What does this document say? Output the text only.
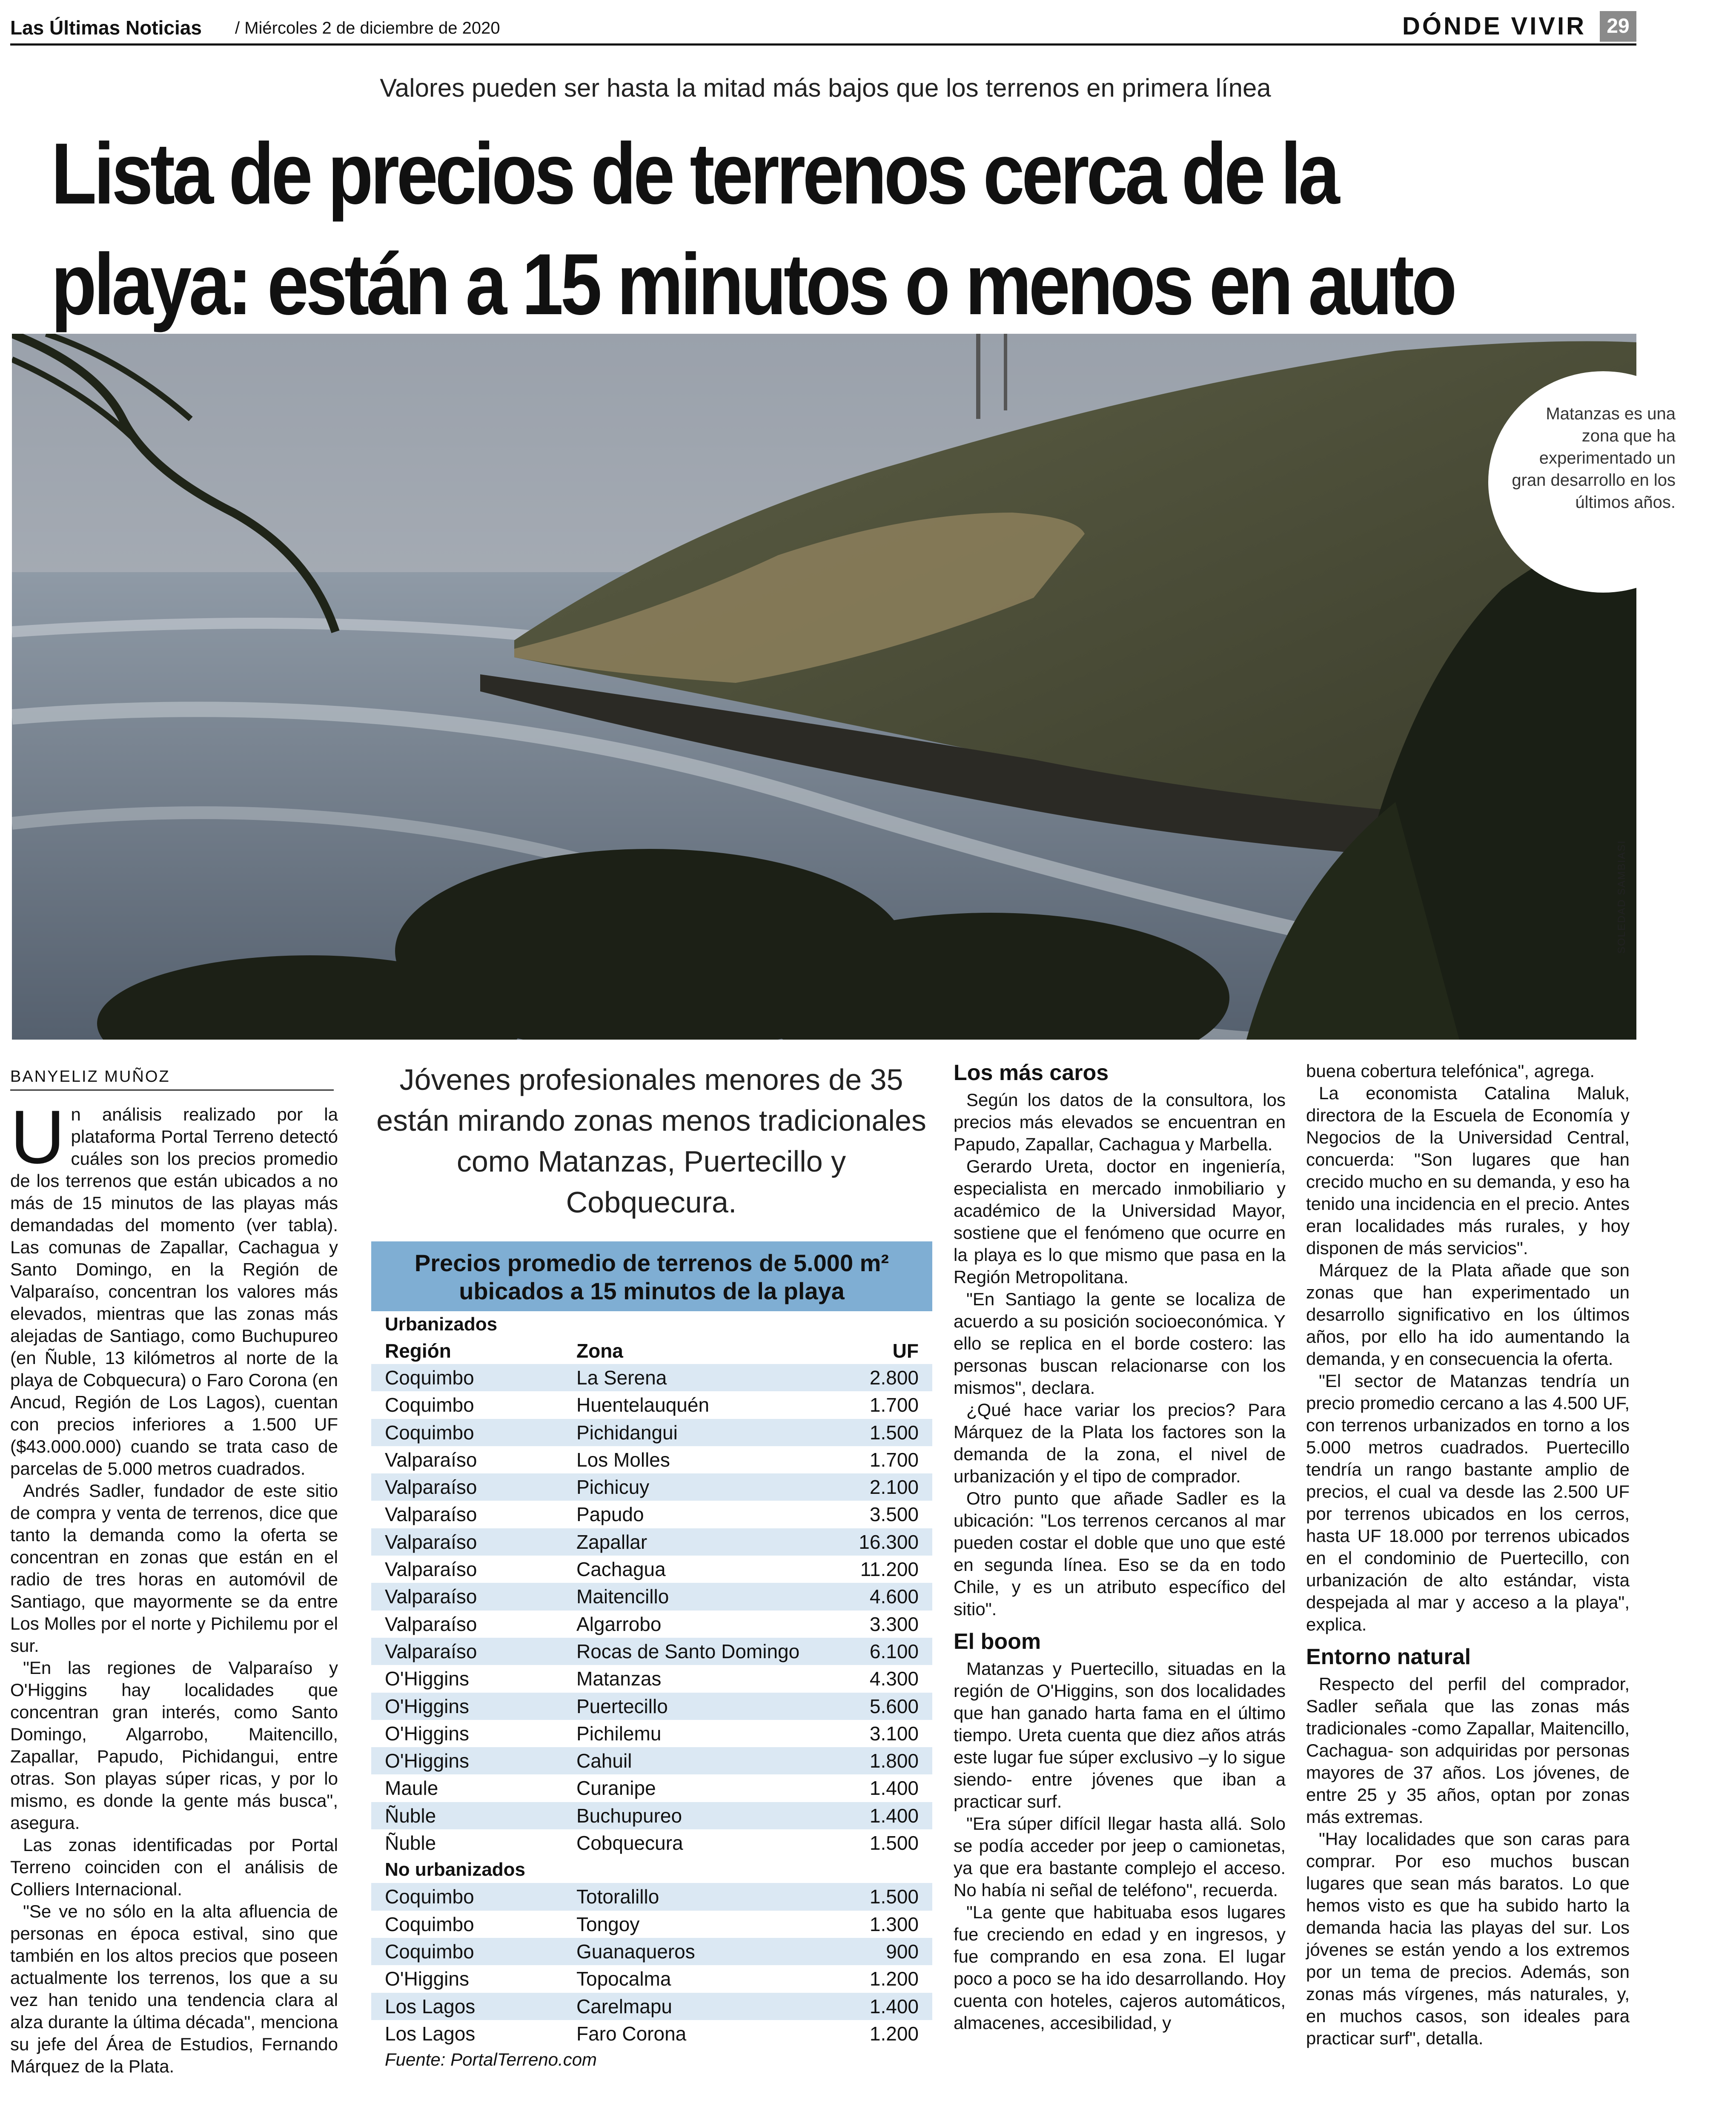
Las Últimas Noticias / Miércoles 2 de diciembre de 2020	DÓNDE VIVIR	29
Valores pueden ser hasta la mitad más bajos que los terrenos en primera línea
Lista de precios de terrenos cerca de la
playa: están a 15 minutos o menos en auto
Matanzas es una zona que ha experimentado un gran desarrollo en los últimos años.
SOLEDAD SAMBIASI
BANYELIZ MUÑOZ
U n análisis realizado por la plataforma Portal Terreno detectó cuáles son los precios promedio de los terrenos que están ubicados a no más de 15 minutos de las playas más demandadas del momento (ver tabla). Las comunas de Zapallar, Cachagua y Santo Domingo, en la Región de Valparaíso, concentran los valores más elevados, mientras que las zonas más alejadas de Santiago, como Buchupureo (en Ñuble, 13 kilómetros al norte de la playa de Cobquecura) o Faro Corona (en Ancud, Región de Los Lagos), cuentan con precios inferiores a 1.500 UF ($43.000.000) cuando se trata caso de parcelas de 5.000 metros cuadrados.

Andrés Sadler, fundador de este sitio de compra y venta de terrenos, dice que tanto la demanda como la oferta se concentran en zonas que están en el radio de tres horas en automóvil de Santiago, que mayormente se da entre Los Molles por el norte y Pichilemu por el sur.

"En las regiones de Valparaíso y O'Higgins hay localidades que concentran gran interés, como Santo Domingo, Algarrobo, Maitencillo, Zapallar, Papudo, Pichidangui, entre otras. Son playas súper ricas, y por lo mismo, es donde la gente más busca", asegura.

Las zonas identificadas por Portal Terreno coinciden con el análisis de Colliers Internacional.

"Se ve no sólo en la alta afluencia de personas en época estival, sino que también en los altos precios que poseen actualmente los terrenos, los que a su vez han tenido una tendencia clara al alza durante la última década", menciona su jefe del Área de Estudios, Fernando Márquez de la Plata.

Jóvenes profesionales menores de 35 están mirando zonas menos tradicionales como Matanzas, Puertecillo y Cobquecura.
Precios promedio de terrenos de 5.000 m²
ubicados a 15 minutos de la playa
Urbanizados
Región	Zona	UF
Coquimbo	La Serena	2.800
Coquimbo	Huentelauquén	1.700
Coquimbo	Pichidangui	1.500
Valparaíso	Los Molles	1.700
Valparaíso	Pichicuy	2.100
Valparaíso	Papudo	3.500
Valparaíso	Zapallar	16.300
Valparaíso	Cachagua	11.200
Valparaíso	Maitencillo	4.600
Valparaíso	Algarrobo	3.300
Valparaíso	Rocas de Santo Domingo	6.100
O'Higgins	Matanzas	4.300
O'Higgins	Puertecillo	5.600
O'Higgins	Pichilemu	3.100
O'Higgins	Cahuil	1.800
Maule	Curanipe	1.400
Ñuble	Buchupureo	1.400
Ñuble	Cobquecura	1.500
No urbanizados
Coquimbo	Totoralillo	1.500
Coquimbo	Tongoy	1.300
Coquimbo	Guanaqueros	900
O'Higgins	Topocalma	1.200
Los Lagos	Carelmapu	1.400
Los Lagos	Faro Corona	1.200
Fuente: PortalTerreno.com
Los más caros

Según los datos de la consultora, los precios más elevados se encuentran en Papudo, Zapallar, Cachagua y Marbella.

Gerardo Ureta, doctor en ingeniería, especialista en mercado inmobiliario y académico de la Universidad Mayor, sostiene que el fenómeno que ocurre en la playa es lo que mismo que pasa en la Región Metropolitana.

"En Santiago la gente se localiza de acuerdo a su posición socioeconómica. Y ello se replica en el borde costero: las personas buscan relacionarse con los mismos", declara.

¿Qué hace variar los precios? Para Márquez de la Plata los factores son la demanda de la zona, el nivel de urbanización y el tipo de comprador.

Otro punto que añade Sadler es la ubicación: "Los terrenos cercanos al mar pueden costar el doble que uno que esté en segunda línea. Eso se da en todo Chile, y es un atributo específico del sitio".

El boom

Matanzas y Puertecillo, situadas en la región de O'Higgins, son dos localidades que han ganado harta fama en el último tiempo. Ureta cuenta que diez años atrás este lugar fue súper exclusivo –y lo sigue siendo- entre jóvenes que iban a practicar surf.

"Era súper difícil llegar hasta allá. Solo se podía acceder por jeep o camionetas, ya que era bastante complejo el acceso. No había ni señal de teléfono", recuerda.

"La gente que habituaba esos lugares fue creciendo en edad y en ingresos, y fue comprando en esa zona. El lugar poco a poco se ha ido desarrollando. Hoy cuenta con hoteles, cajeros automáticos, almacenes, accesibilidad, y

buena cobertura telefónica", agrega.

La economista Catalina Maluk, directora de la Escuela de Economía y Negocios de la Universidad Central, concuerda: "Son lugares que han crecido mucho en su demanda, y eso ha tenido una incidencia en el precio. Antes eran localidades más rurales, y hoy disponen de más servicios".

Márquez de la Plata añade que son zonas que han experimentado un desarrollo significativo en los últimos años, por ello ha ido aumentando la demanda, y en consecuencia la oferta.

"El sector de Matanzas tendría un precio promedio cercano a las 4.500 UF, con terrenos urbanizados en torno a los 5.000 metros cuadrados. Puertecillo tendría un rango bastante amplio de precios, el cual va desde las 2.500 UF por terrenos ubicados en los cerros, hasta UF 18.000 por terrenos ubicados en el condominio de Puertecillo, con urbanización de alto estándar, vista despejada al mar y acceso a la playa", explica.

Entorno natural

Respecto del perfil del comprador, Sadler señala que las zonas más tradicionales -como Zapallar, Maitencillo, Cachagua- son adquiridas por personas mayores de 37 años. Los jóvenes, de entre 25 y 35 años, optan por zonas más extremas.

"Hay localidades que son caras para comprar. Por eso muchos buscan lugares que sean más baratos. Lo que hemos visto es que ha subido harto la demanda hacia las playas del sur. Los jóvenes se están yendo a los extremos por un tema de precios. Además, son zonas más vírgenes, más naturales, y, en muchos casos, son ideales para practicar surf", detalla.
